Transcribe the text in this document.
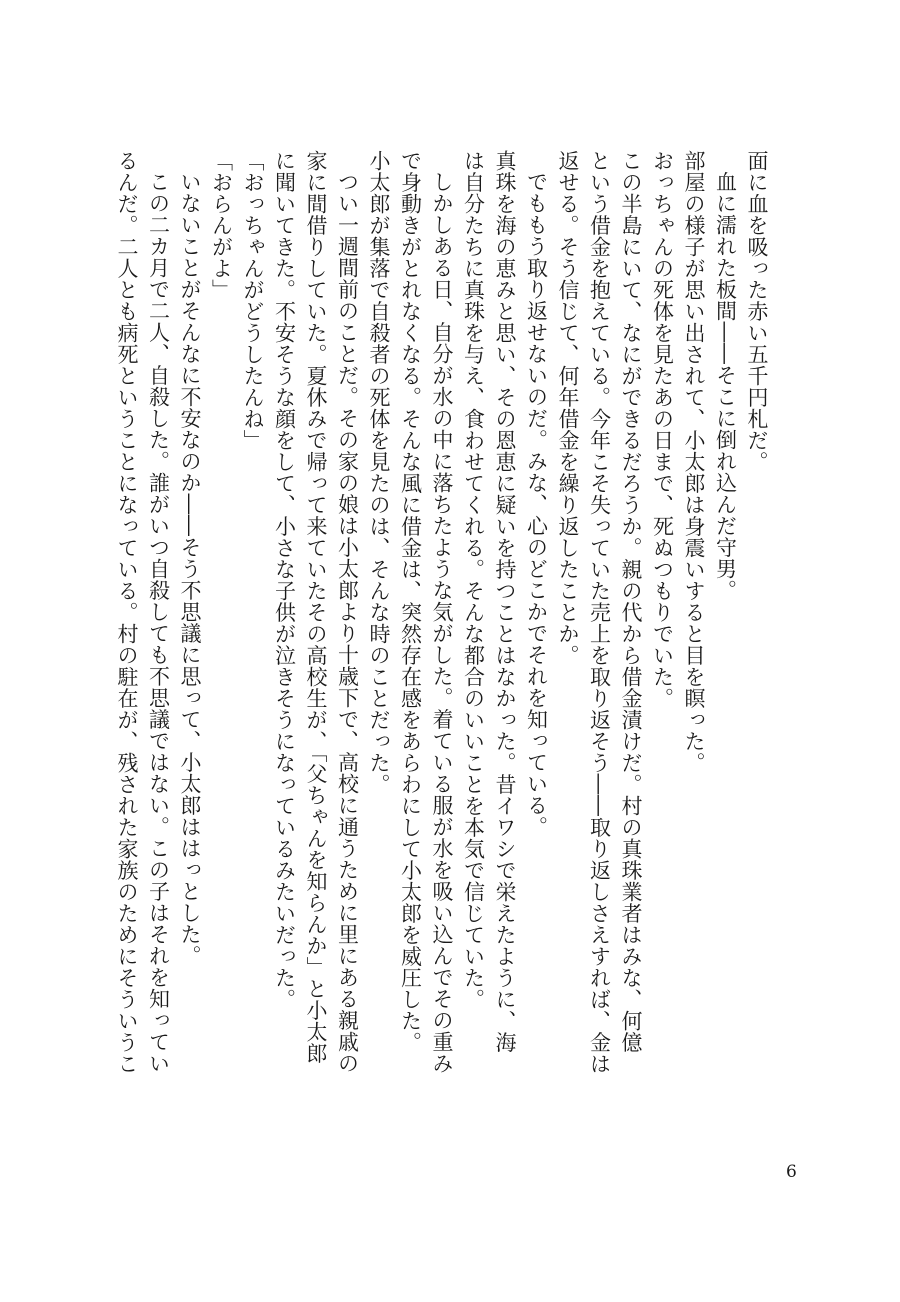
面に血を吸った赤い五千円札だ。
血に濡れた板間――そこに倒れ込んだ守男。
部屋の様子が思い出されて、小太郎は身震いすると目を瞑った。
おっちゃんの死体を見たあの日まで、死ぬつもりでいた。
この半島にいて、なにができるだろうか。親の代から借金漬けだ。村の真珠業者はみな、何億
という借金を抱えている。今年こそ失っていた売上を取り返そう――取り返しさえすれば、金は
返せる。そう信じて、何年借金を繰り返したことか。
でももう取り返せないのだ。みな、心のどこかでそれを知っている。
真珠を海の恵みと思い、その恩恵に疑いを持つことはなかった。昔イワシで栄えたように、海
は自分たちに真珠を与え、食わせてくれる。そんな都合のいいことを本気で信じていた。
しかしある日、自分が水の中に落ちたような気がした。着ている服が水を吸い込んでその重み
で身動きがとれなくなる。そんな風に借金は、突然存在感をあらわにして小太郎を威圧した。
小太郎が集落で自殺者の死体を見たのは、そんな時のことだった。
つい一週間前のことだ。その家の娘は小太郎より十歳下で、高校に通うために里にある親戚の
家に間借りしていた。夏休みで帰って来ていたその高校生が、「父ちゃんを知らんか」と小太郎
に聞いてきた。不安そうな顔をして、小さな子供が泣きそうになっているみたいだった。
「おっちゃんがどうしたんね」
「おらんがよ」
いないことがそんなに不安なのか――そう不思議に思って、小太郎ははっとした。
この二カ月で二人、自殺した。誰がいつ自殺しても不思議ではない。この子はそれを知ってい
るんだ。二人とも病死ということになっている。村の駐在が、残された家族のためにそういうこ
6
